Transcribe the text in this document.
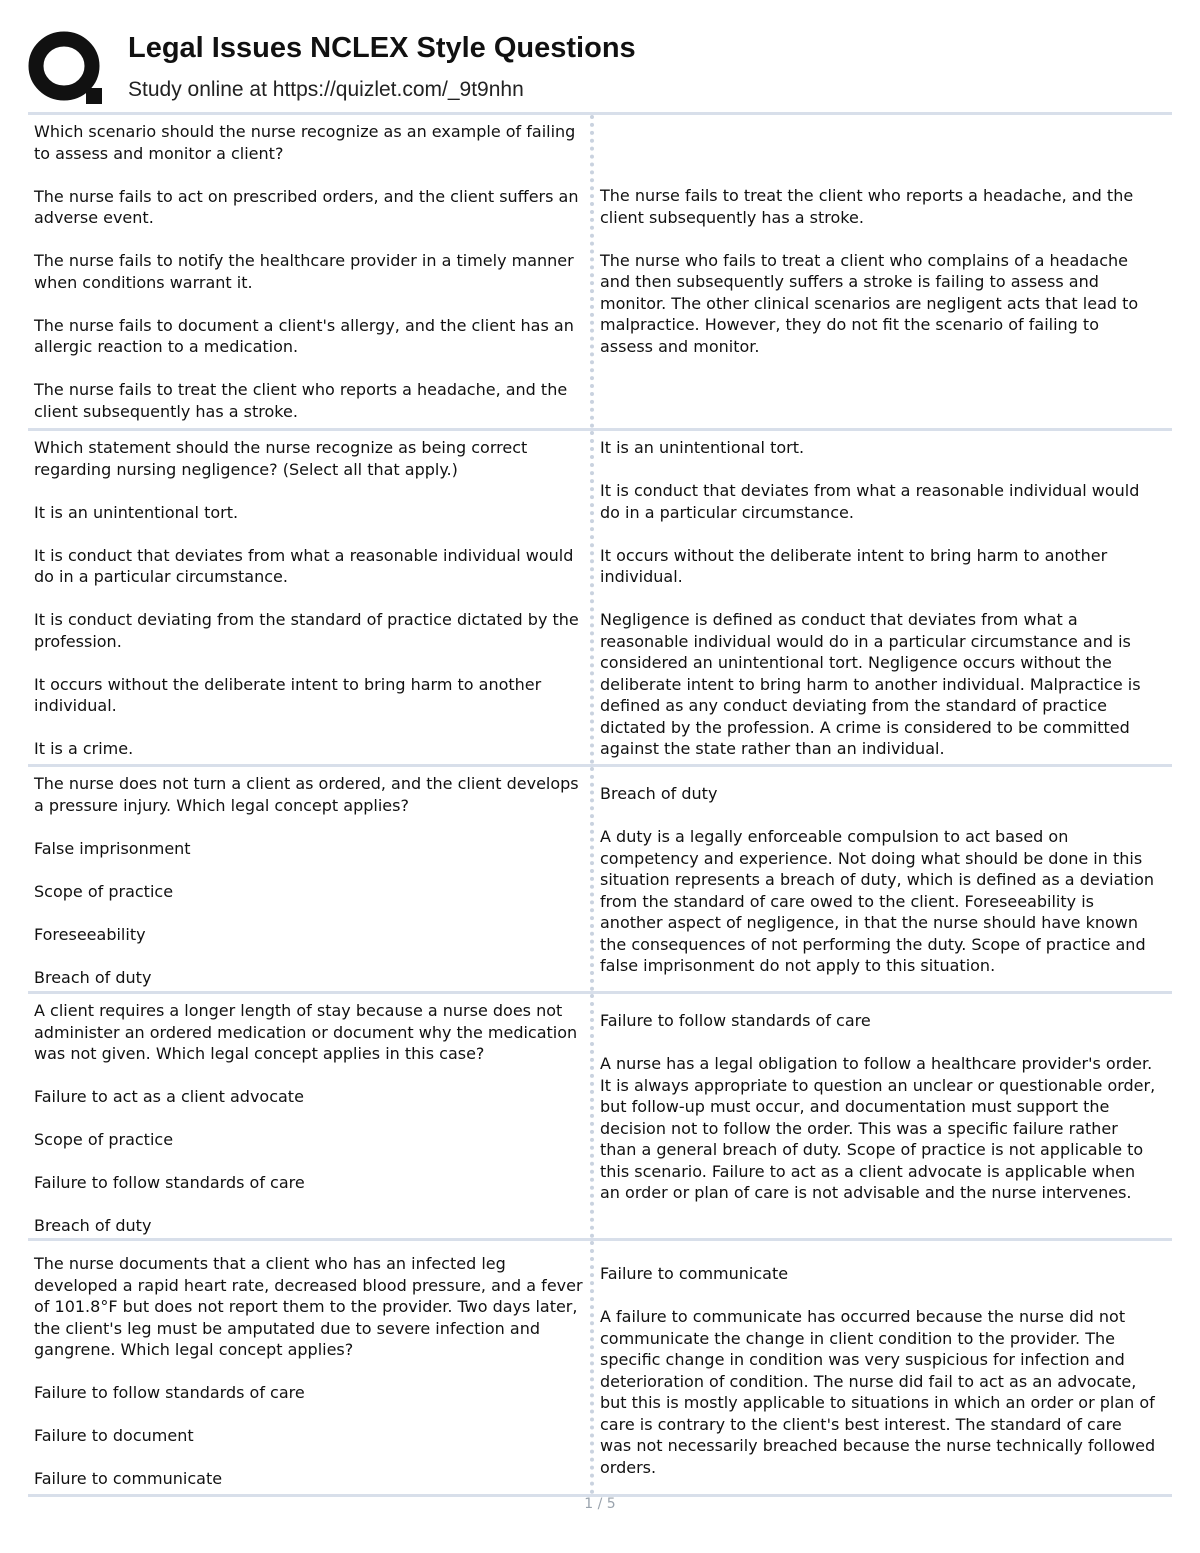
Legal Issues NCLEX Style Questions
Study online at https://quizlet.com/_9t9nhn

Which scenario should the nurse recognize as an example of failing to assess and monitor a client?

The nurse fails to act on prescribed orders, and the client suffers an adverse event.

The nurse fails to notify the healthcare provider in a timely manner when conditions warrant it.

The nurse fails to document a client's allergy, and the client has an allergic reaction to a medication.

The nurse fails to treat the client who reports a headache, and the client subsequently has a stroke.

The nurse fails to treat the client who reports a headache, and the client subsequently has a stroke.

The nurse who fails to treat a client who complains of a headache and then subsequently suffers a stroke is failing to assess and monitor. The other clinical scenarios are negligent acts that lead to malpractice. However, they do not fit the scenario of failing to assess and monitor.

Which statement should the nurse recognize as being correct regarding nursing negligence? (Select all that apply.)

It is an unintentional tort.

It is conduct that deviates from what a reasonable individual would do in a particular circumstance.

It is conduct deviating from the standard of practice dictated by the profession.

It occurs without the deliberate intent to bring harm to another individual.

It is a crime.

It is an unintentional tort.

It is conduct that deviates from what a reasonable individual would do in a particular circumstance.

It occurs without the deliberate intent to bring harm to another individual.

Negligence is defined as conduct that deviates from what a reasonable individual would do in a particular circumstance and is considered an unintentional tort. Negligence occurs without the deliberate intent to bring harm to another individual. Malpractice is defined as any conduct deviating from the standard of practice dictated by the profession. A crime is considered to be committed against the state rather than an individual.

The nurse does not turn a client as ordered, and the client develops a pressure injury. Which legal concept applies?

False imprisonment

Scope of practice

Foreseeability

Breach of duty

Breach of duty

A duty is a legally enforceable compulsion to act based on competency and experience. Not doing what should be done in this situation represents a breach of duty, which is defined as a deviation from the standard of care owed to the client. Foreseeability is another aspect of negligence, in that the nurse should have known the consequences of not performing the duty. Scope of practice and false imprisonment do not apply to this situation.

A client requires a longer length of stay because a nurse does not administer an ordered medication or document why the medication was not given. Which legal concept applies in this case?

Failure to act as a client advocate

Scope of practice

Failure to follow standards of care

Breach of duty

Failure to follow standards of care

A nurse has a legal obligation to follow a healthcare provider's order. It is always appropriate to question an unclear or questionable order, but follow-up must occur, and documentation must support the decision not to follow the order. This was a specific failure rather than a general breach of duty. Scope of practice is not applicable to this scenario. Failure to act as a client advocate is applicable when an order or plan of care is not advisable and the nurse intervenes.

The nurse documents that a client who has an infected leg developed a rapid heart rate, decreased blood pressure, and a fever of 101.8°F but does not report them to the provider. Two days later, the client's leg must be amputated due to severe infection and gangrene. Which legal concept applies?

Failure to follow standards of care

Failure to document

Failure to communicate

Failure to communicate

A failure to communicate has occurred because the nurse did not communicate the change in client condition to the provider. The specific change in condition was very suspicious for infection and deterioration of condition. The nurse did fail to act as an advocate, but this is mostly applicable to situations in which an order or plan of care is contrary to the client's best interest. The standard of care was not necessarily breached because the nurse technically followed orders.

1 / 5
